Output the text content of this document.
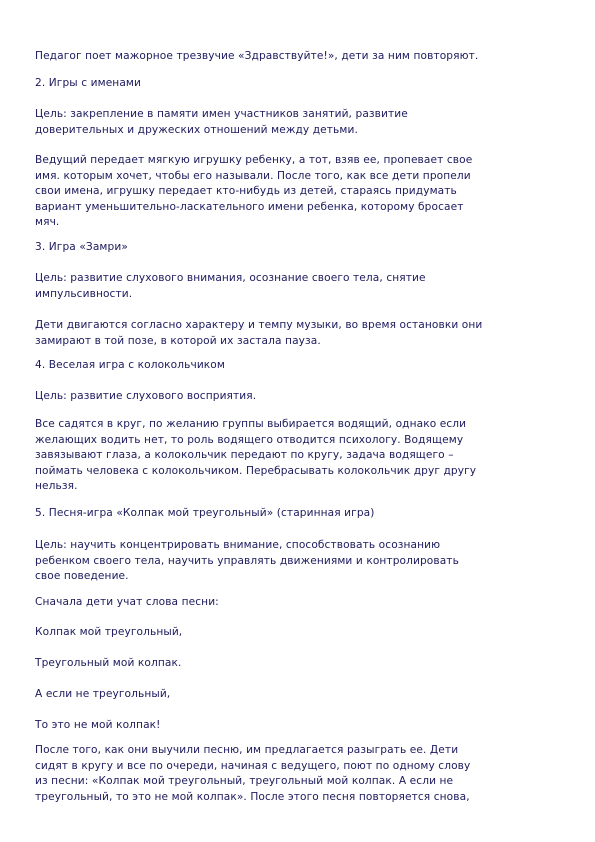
Педагог поет мажорное трезвучие «Здравствуйте!», дети за ним повторяют.

2. Игры с именами

Цель: закрепление в памяти имен участников занятий, развитие
доверительных и дружеских отношений между детьми.

Ведущий передает мягкую игрушку ребенку, а тот, взяв ее, пропевает свое
имя. которым хочет, чтобы его называли. После того, как все дети пропели
свои имена, игрушку передает кто-нибудь из детей, стараясь придумать
вариант уменьшительно-ласкательного имени ребенка, которому бросает
мяч.

3. Игра «Замри»

Цель: развитие слухового внимания, осознание своего тела, снятие
импульсивности.

Дети двигаются согласно характеру и темпу музыки, во время остановки они
замирают в той позе, в которой их застала пауза.

4. Веселая игра с колокольчиком

Цель: развитие слухового восприятия.

Все садятся в круг, по желанию группы выбирается водящий, однако если
желающих водить нет, то роль водящего отводится психологу. Водящему
завязывают глаза, а колокольчик передают по кругу, задача водящего –
поймать человека с колокольчиком. Перебрасывать колокольчик друг другу
нельзя.

5. Песня-игра «Колпак мой треугольный» (старинная игра)

Цель: научить концентрировать внимание, способствовать осознанию
ребенком своего тела, научить управлять движениями и контролировать
свое поведение.

Сначала дети учат слова песни:

Колпак мой треугольный,

Треугольный мой колпак.

А если не треугольный,

То это не мой колпак!

После того, как они выучили песню, им предлагается разыграть ее. Дети
сидят в кругу и все по очереди, начиная с ведущего, поют по одному слову
из песни: «Колпак мой треугольный, треугольный мой колпак. А если не
треугольный, то это не мой колпак». После этого песня повторяется снова,
